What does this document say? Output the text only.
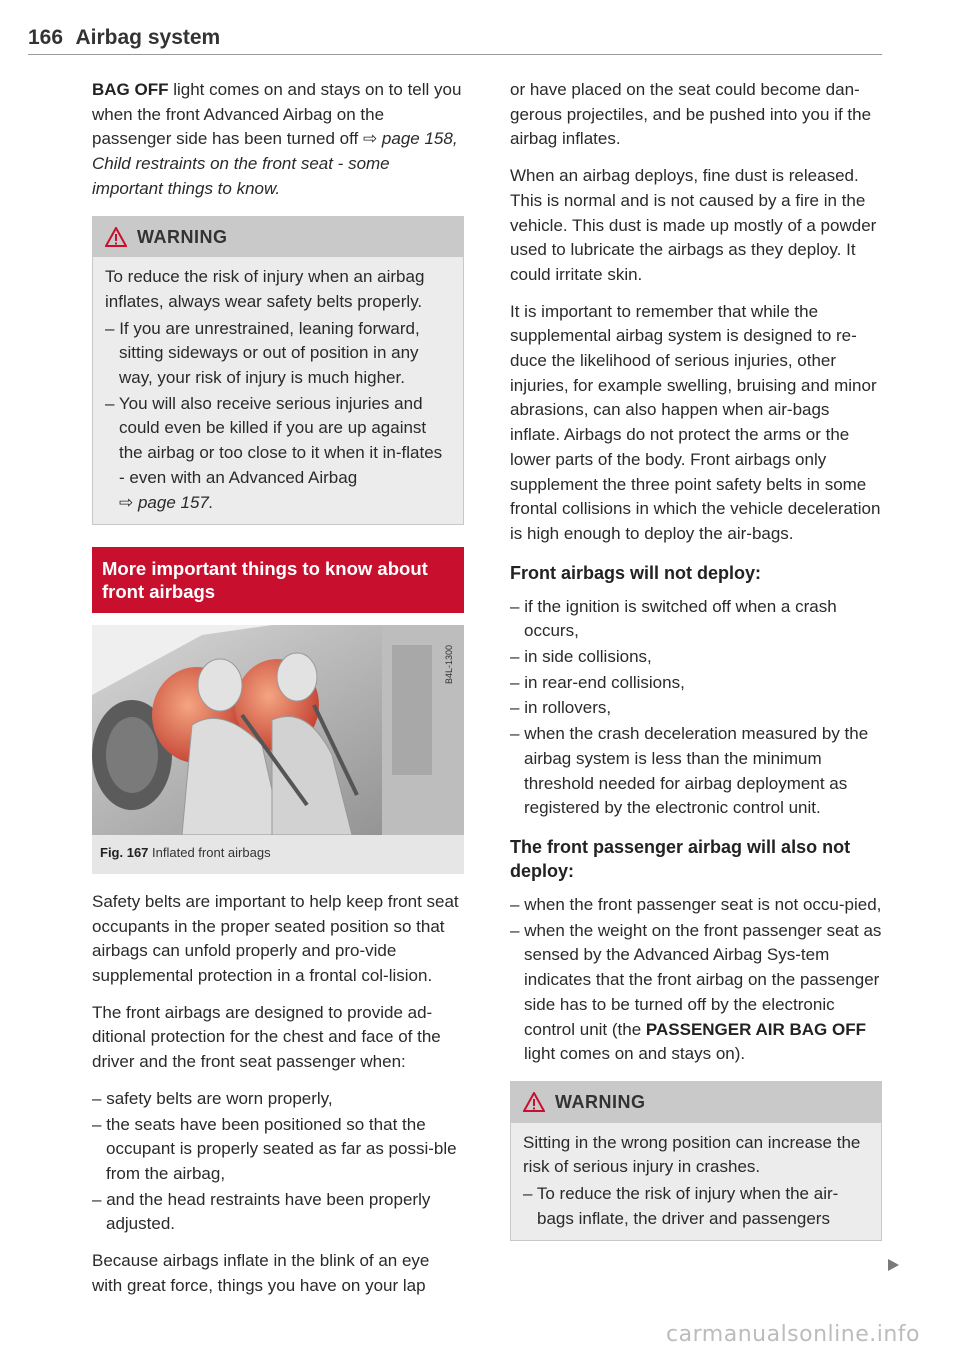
166 Airbag system

BAG OFF light comes on and stays on to tell you when the front Advanced Airbag on the passenger side has been turned off ⇨ page 158, Child restraints on the front seat - some important things to know.

WARNING

To reduce the risk of injury when an airbag inflates, always wear safety belts properly.

– If you are unrestrained, leaning forward, sitting sideways or out of position in any way, your risk of injury is much higher.
– You will also receive serious injuries and could even be killed if you are up against the airbag or too close to it when it in-flates - even with an Advanced Airbag
⇨ page 157.
More important things to know about front airbags
B4L-1300
Fig. 167 Inflated front airbags

Safety belts are important to help keep front seat occupants in the proper seated position so that airbags can unfold properly and pro-vide supplemental protection in a frontal col-lision.

The front airbags are designed to provide ad-ditional protection for the chest and face of the driver and the front seat passenger when:

– safety belts are worn properly,
– the seats have been positioned so that the occupant is properly seated as far as possi-ble from the airbag,
– and the head restraints have been properly adjusted.

Because airbags inflate in the blink of an eye with great force, things you have on your lap

or have placed on the seat could become dan-gerous projectiles, and be pushed into you if the airbag inflates.

When an airbag deploys, fine dust is released. This is normal and is not caused by a fire in the vehicle. This dust is made up mostly of a powder used to lubricate the airbags as they deploy. It could irritate skin.

It is important to remember that while the supplemental airbag system is designed to re-duce the likelihood of serious injuries, other injuries, for example swelling, bruising and minor abrasions, can also happen when air-bags inflate. Airbags do not protect the arms or the lower parts of the body. Front airbags only supplement the three point safety belts in some frontal collisions in which the vehicle deceleration is high enough to deploy the air-bags.

Front airbags will not deploy:
– if the ignition is switched off when a crash occurs,
– in side collisions,
– in rear-end collisions,
– in rollovers,
– when the crash deceleration measured by the airbag system is less than the minimum threshold needed for airbag deployment as registered by the electronic control unit.
The front passenger airbag will also not deploy:
– when the front passenger seat is not occu-pied,
– when the weight on the front passenger seat as sensed by the Advanced Airbag Sys-tem indicates that the front airbag on the passenger side has to be turned off by the electronic control unit (the PASSENGER AIR BAG OFF light comes on and stays on).
WARNING

Sitting in the wrong position can increase the risk of serious injury in crashes.

– To reduce the risk of injury when the air-bags inflate, the driver and passengers
carmanualsonline.info
